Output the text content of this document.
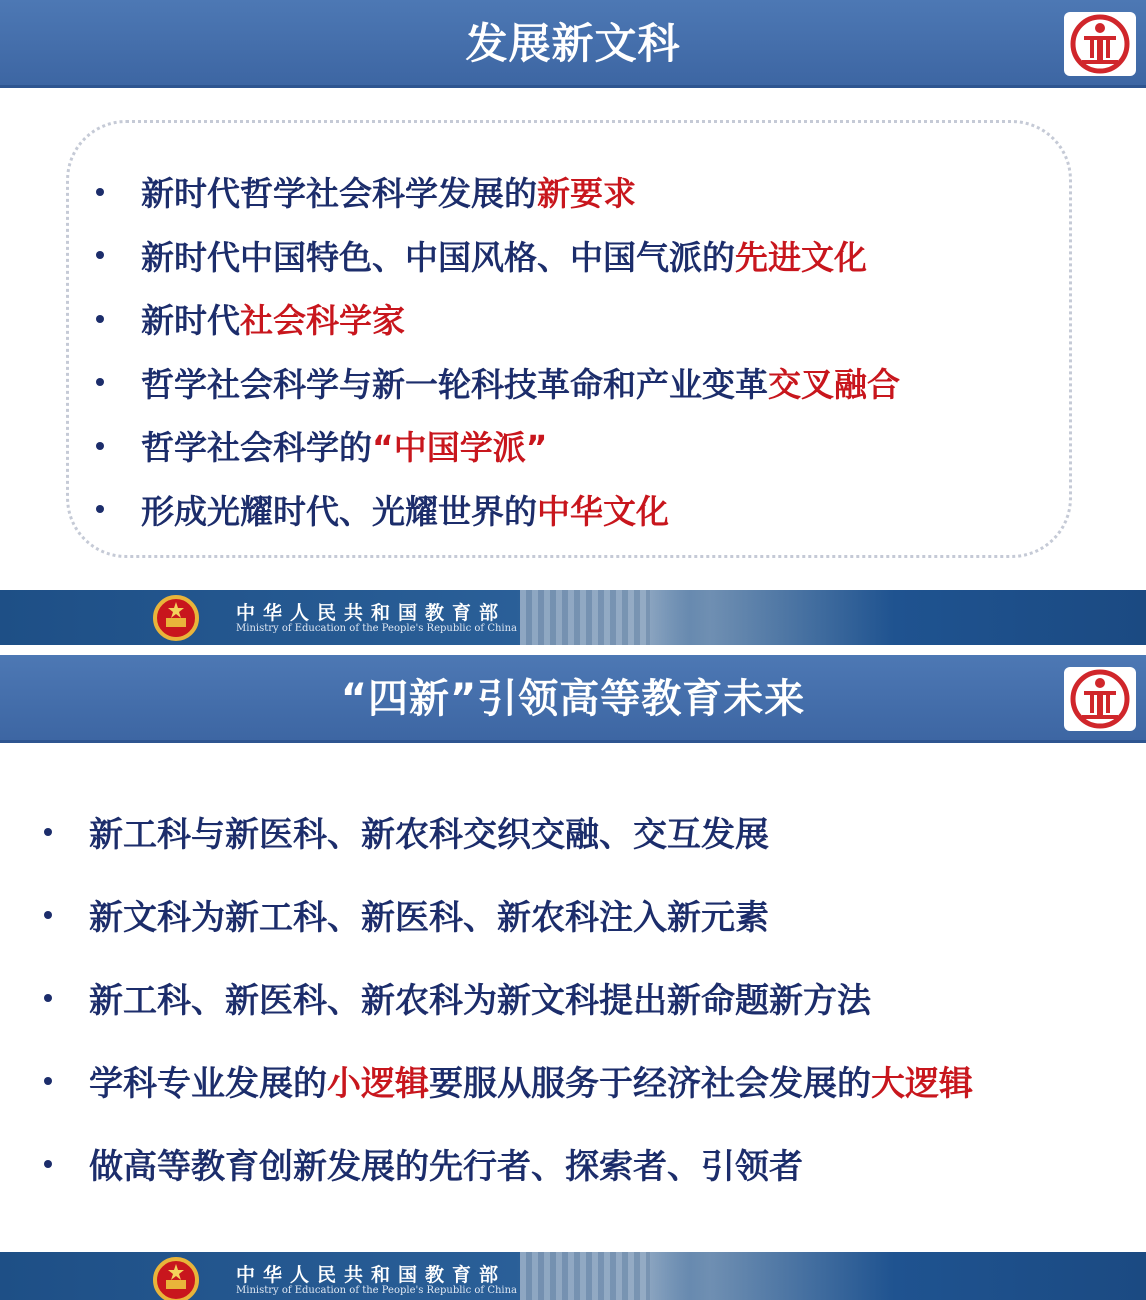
发展新文科
新时代哲学社会科学发展的 新要求
新时代中国特色、中国风格、中国气派的 先进文化
新时代 社会科学家
哲学社会科学与新一轮科技革命和产业变革 交叉融合
哲学社会科学的 “中国学派”
形成光耀时代、光耀世界的 中华文化
中华人民共和国教育部
Ministry of Education of the People's Republic of China
“四新”引领高等教育未来
新工科与新医科、新农科交织交融、交互发展
新文科为新工科、新医科、新农科注入新元素
新工科、新医科、新农科为新文科提出新命题新方法
学科专业发展的 小逻辑 要服从服务于经济社会发展的 大逻辑
做高等教育创新发展的先行者、探索者、引领者
中华人民共和国教育部
Ministry of Education of the People's Republic of China
